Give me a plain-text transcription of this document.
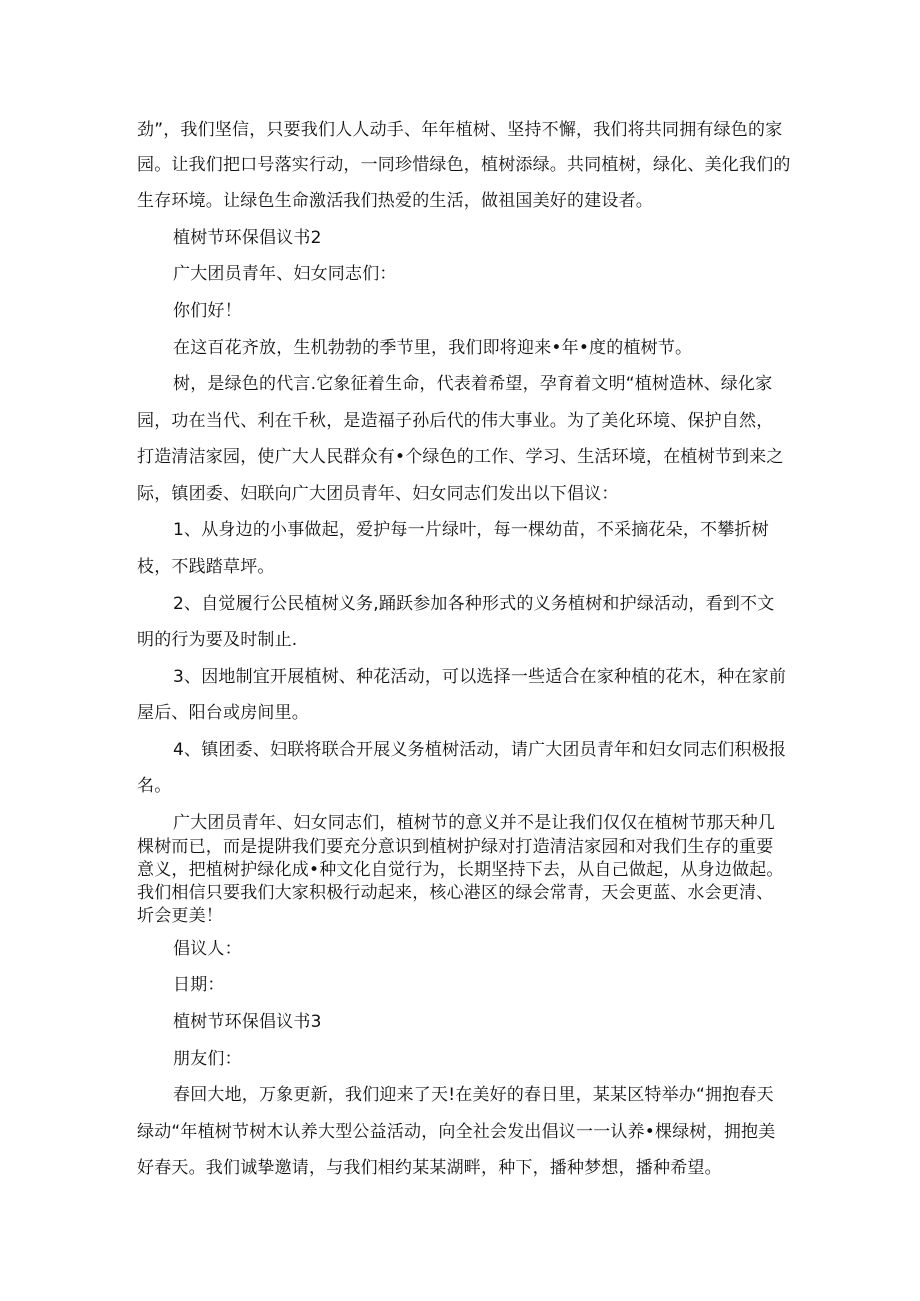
劲”，我们坚信，只要我们人人动手、年年植树、坚持不懈，我们将共同拥有绿色的家
园。让我们把口号落实行动，一同珍惜绿色，植树添绿。共同植树，绿化、美化我们的
生存环境。让绿色生命激活我们热爱的生活，做祖国美好的建设者。
植树节环保倡议书2
广大团员青年、妇女同志们：
你们好！
在这百花齐放，生机勃勃的季节里，我们即将迎来•年•度的植树节。
树，是绿色的代言.它象征着生命，代表着希望，孕育着文明“植树造林、绿化家
园，功在当代、利在千秋，是造福子孙后代的伟大事业。为了美化环境、保护自然，
打造清洁家园，使广大人民群众有•个绿色的工作、学习、生活环境，在植树节到来之
际，镇团委、妇联向广大团员青年、妇女同志们发出以下倡议：
1、从身边的小事做起，爱护每一片绿叶，每一棵幼苗，不采摘花朵，不攀折树
枝，不践踏草坪。
2、自觉履行公民植树义务,踊跃参加各种形式的义务植树和护绿活动，看到不文
明的行为要及时制止.
3、因地制宜开展植树、种花活动，可以选择一些适合在家种植的花木，种在家前
屋后、阳台或房间里。
4、镇团委、妇联将联合开展义务植树活动，请广大团员青年和妇女同志们积极报
名。
广大团员青年、妇女同志们，植树节的意义并不是让我们仅仅在植树节那天种几
棵树而已，而是提阱我们要充分意识到植树护绿对打造清洁家园和对我们生存的重要
意义，把植树护绿化成•种文化自觉行为，长期坚持下去，从自己做起，从身边做起。
我们相信只要我们大家积极行动起来，核心港区的绿会常青，天会更蓝、水会更清、
圻会更美！
倡议人：
日期：
植树节环保倡议书3
朋友们：
春回大地，万象更新，我们迎来了天!在美好的春日里，某某区特举办“拥抱春天
绿动“年植树节树木认养大型公益活动，向全社会发出倡议一一认养•棵绿树，拥抱美
好春天。我们诚挚邀请，与我们相约某某湖畔，种下，播种梦想，播种希望。
